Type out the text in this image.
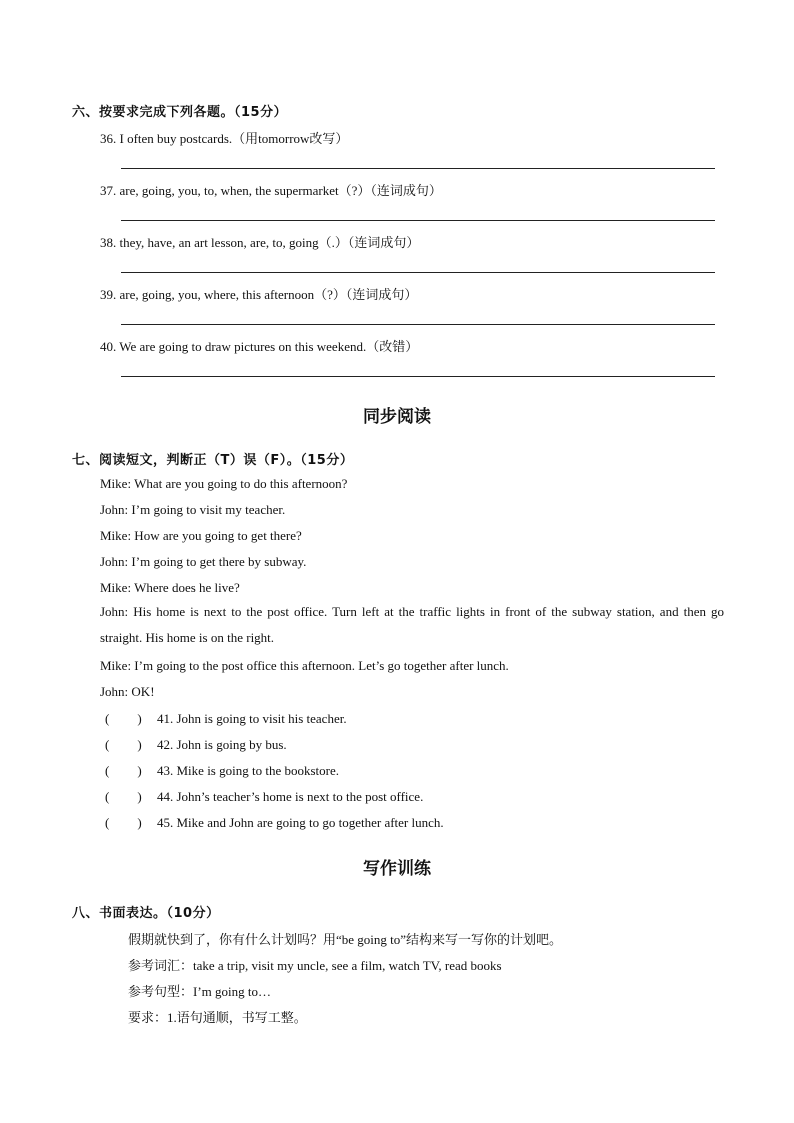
六、按要求完成下列各题。（15分）
36. I often buy postcards.（用tomorrow改写）
37. are, going, you, to, when, the supermarket（?）（连词成句）
38. they, have, an art lesson, are, to, going（.）（连词成句）
39. are, going, you, where, this afternoon（?）（连词成句）
40. We are going to draw pictures on this weekend.（改错）
同步阅读
七、阅读短文，判断正（T）误（F）。（15分）
Mike: What are you going to do this afternoon?
John: I’m going to visit my teacher.
Mike: How are you going to get there?
John: I’m going to get there by subway.
Mike: Where does he live?
John: His home is next to the post office. Turn left at the traffic lights in front of the subway station, and then go straight. His home is on the right.
Mike: I’m going to the post office this afternoon. Let’s go together after lunch.
John: OK!
( ) 41. John is going to visit his teacher.
( ) 42. John is going by bus.
( ) 43. Mike is going to the bookstore.
( ) 44. John’s teacher’s home is next to the post office.
( ) 45. Mike and John are going to go together after lunch.
写作训练
八、书面表达。（10分）
假期就快到了，你有什么计划吗？用“be going to”结构来写一写你的计划吧。
参考词汇：take a trip, visit my uncle, see a film, watch TV, read books
参考句型：I’m going to…
要求：1.语句通顺，书写工整。
